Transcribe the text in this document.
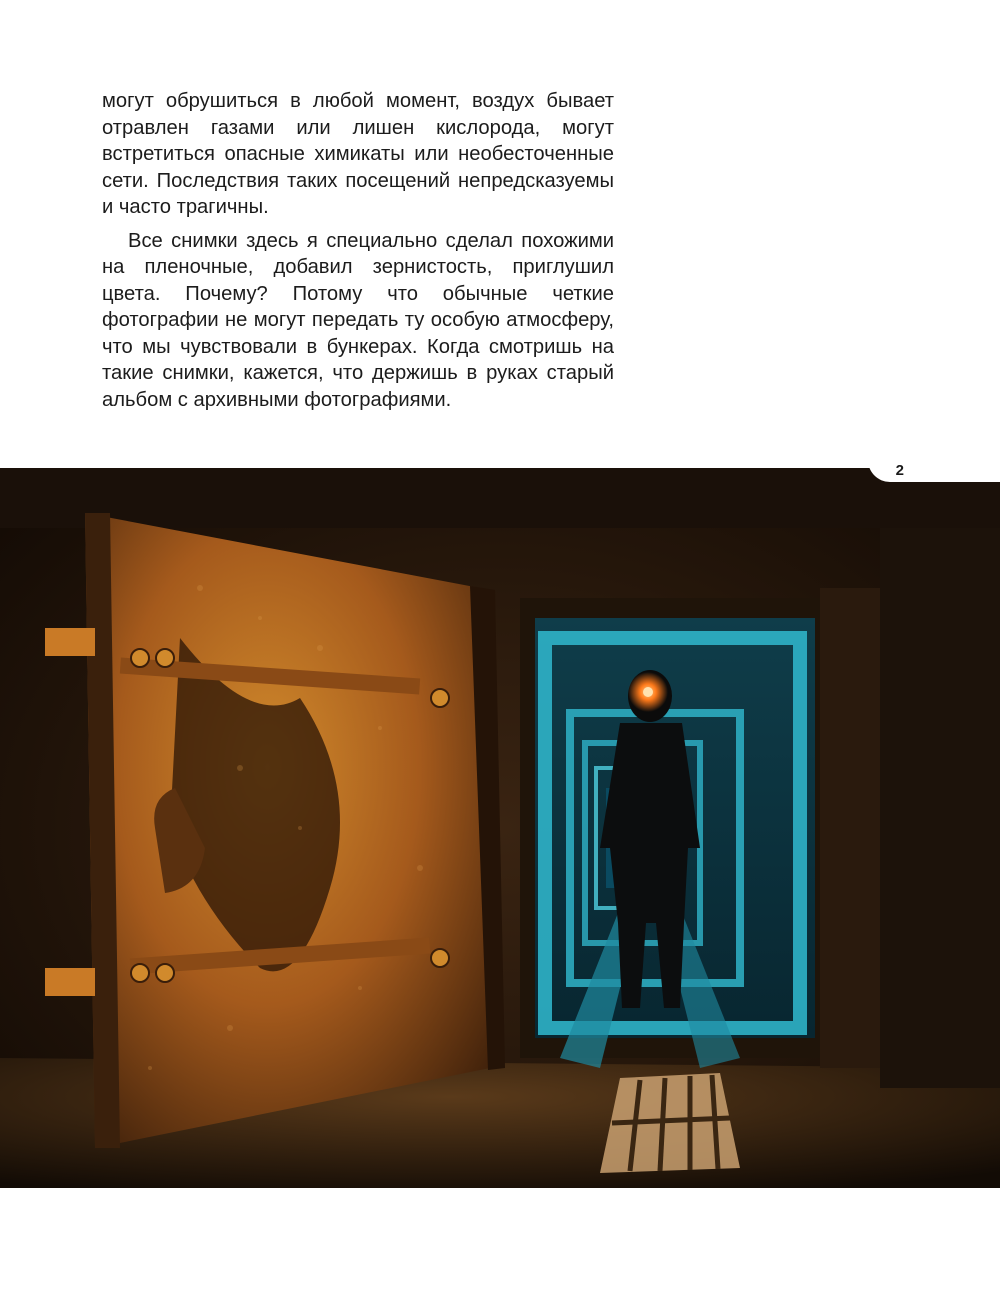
могут обрушиться в любой момент, воздух бывает отравлен газами или лишен кислорода, могут встретиться опасные химикаты или необесточенные сети. Последствия таких посещений непредсказуемы и часто трагичны.

Все снимки здесь я специально сделал похожими на пленочные, добавил зернистость, приглушил цвета. Почему? Потому что обычные четкие фотографии не могут передать ту особую атмосферу, что мы чувствовали в бункерах. Когда смотришь на такие снимки, кажется, что держишь в руках старый альбом с архивными фотографиями.

2
